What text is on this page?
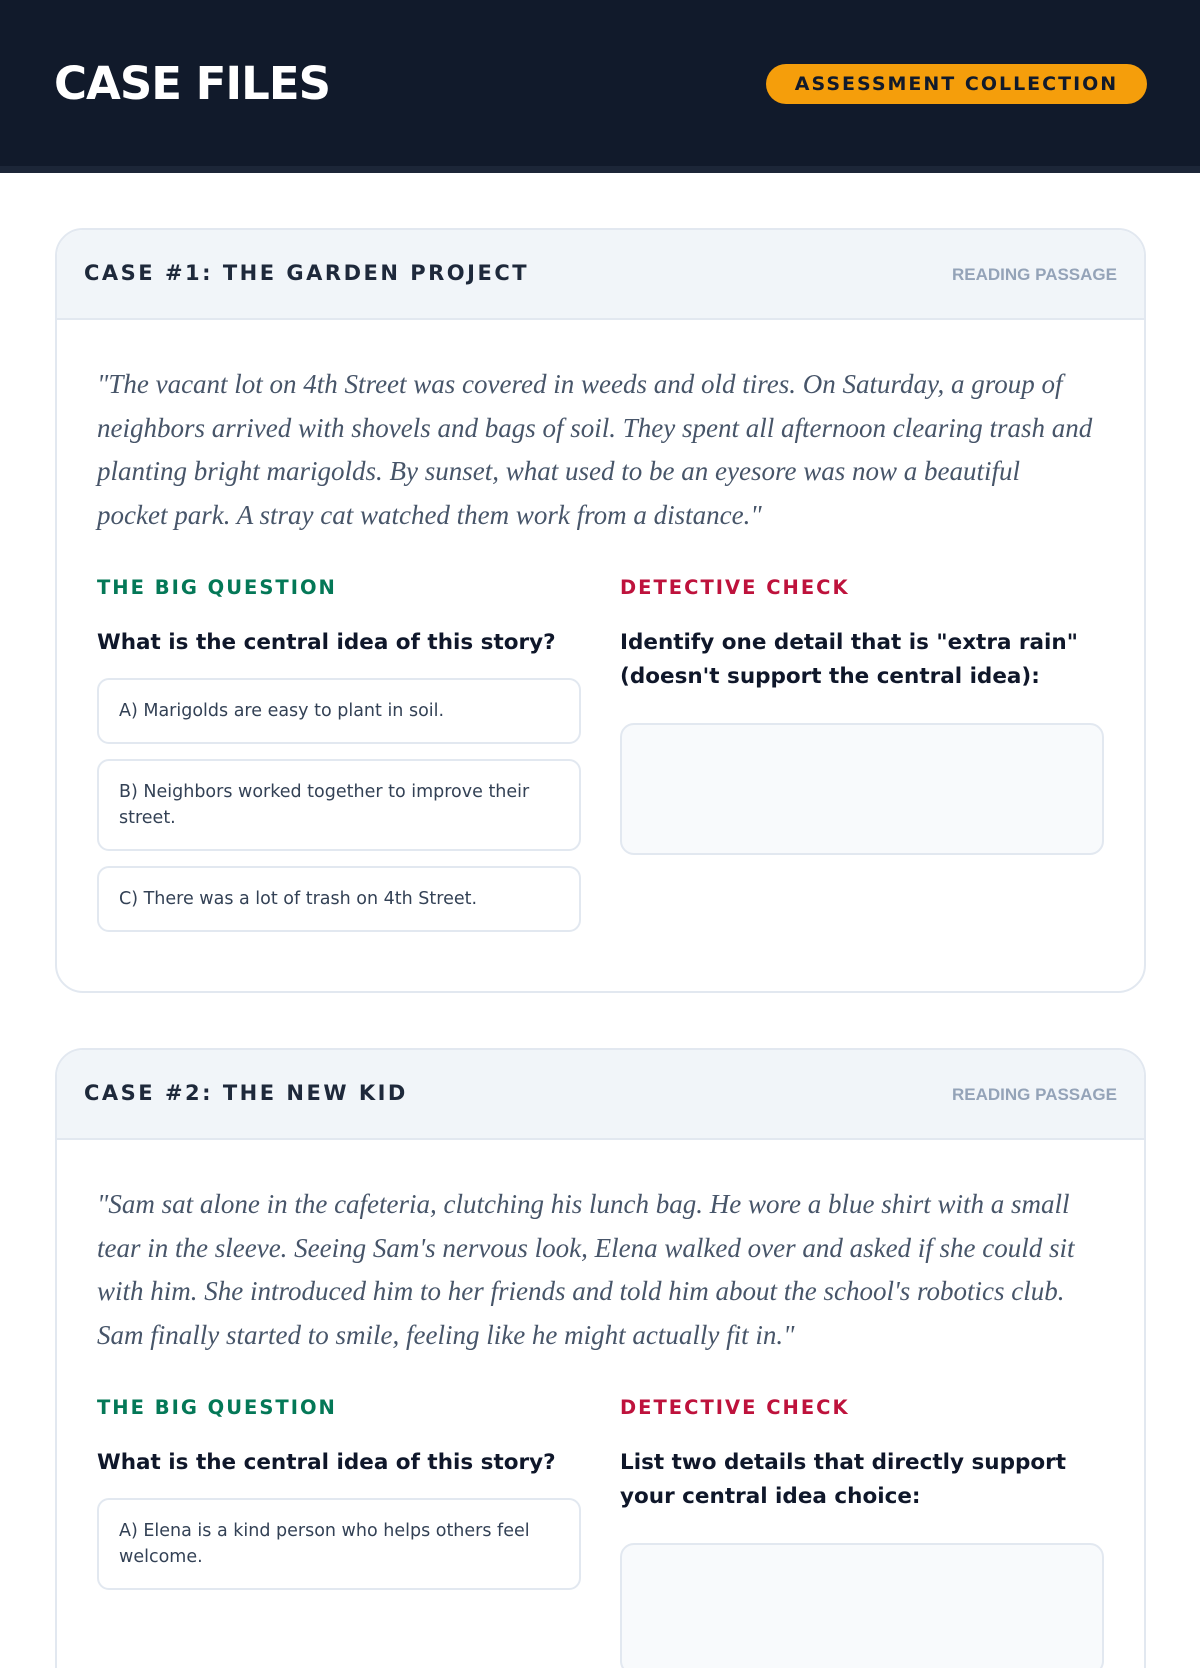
CASE FILES	ASSESSMENT COLLECTION
CASE #1: THE GARDEN PROJECT	READING PASSAGE
"The vacant lot on 4th Street was covered in weeds and old tires. On Saturday, a group of neighbors arrived with shovels and bags of soil. They spent all afternoon clearing trash and planting bright marigolds. By sunset, what used to be an eyesore was now a beautiful pocket park. A stray cat watched them work from a distance."
THE BIG QUESTION
What is the central idea of this story?
A) Marigolds are easy to plant in soil.
B) Neighbors worked together to improve their street.
C) There was a lot of trash on 4th Street.
DETECTIVE CHECK
Identify one detail that is "extra rain" (doesn't support the central idea):
CASE #2: THE NEW KID	READING PASSAGE
"Sam sat alone in the cafeteria, clutching his lunch bag. He wore a blue shirt with a small tear in the sleeve. Seeing Sam's nervous look, Elena walked over and asked if she could sit with him. She introduced him to her friends and told him about the school's robotics club. Sam finally started to smile, feeling like he might actually fit in."
THE BIG QUESTION
What is the central idea of this story?
A) Elena is a kind person who helps others feel welcome.
DETECTIVE CHECK
List two details that directly support your central idea choice:
